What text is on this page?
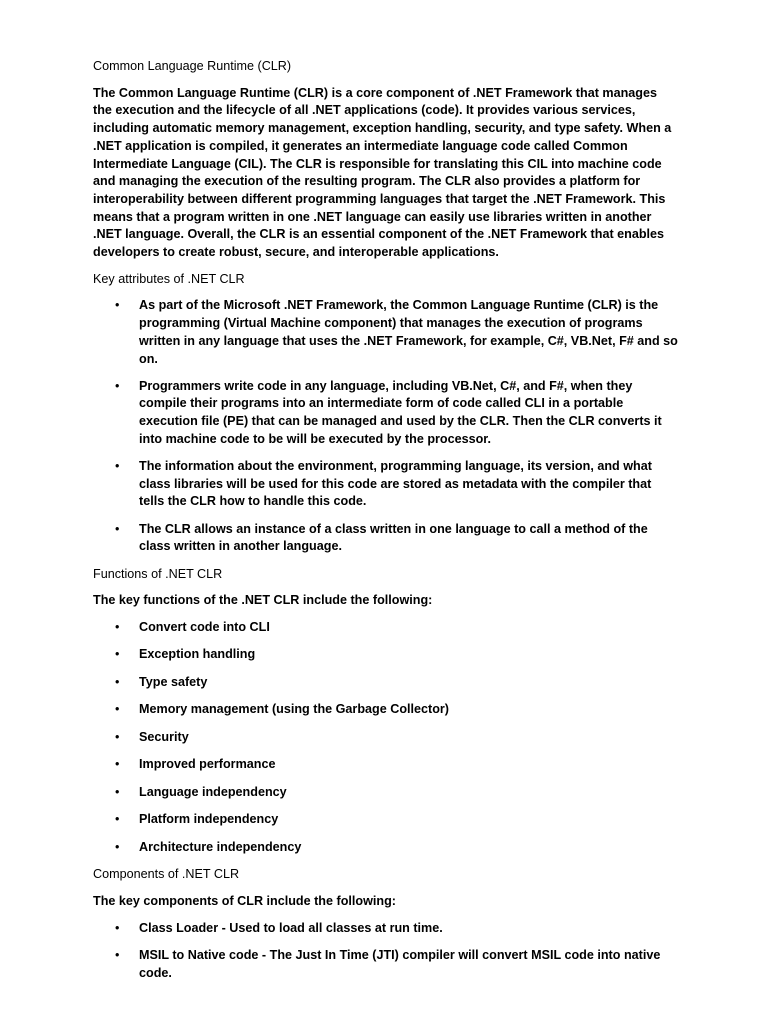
Common Language Runtime (CLR)

The Common Language Runtime (CLR) is a core component of .NET Framework that manages the execution and the lifecycle of all .NET applications (code). It provides various services, including automatic memory management, exception handling, security, and type safety. When a .NET application is compiled, it generates an intermediate language code called Common Intermediate Language (CIL). The CLR is responsible for translating this CIL into machine code and managing the execution of the resulting program. The CLR also provides a platform for interoperability between different programming languages that target the .NET Framework. This means that a program written in one .NET language can easily use libraries written in another .NET language. Overall, the CLR is an essential component of the .NET Framework that enables developers to create robust, secure, and interoperable applications.

Key attributes of .NET CLR

• As part of the Microsoft .NET Framework, the Common Language Runtime (CLR) is the programming (Virtual Machine component) that manages the execution of programs written in any language that uses the .NET Framework, for example, C#, VB.Net, F# and so on.
• Programmers write code in any language, including VB.Net, C#, and F#, when they compile their programs into an intermediate form of code called CLI in a portable execution file (PE) that can be managed and used by the CLR. Then the CLR converts it into machine code to be will be executed by the processor.
• The information about the environment, programming language, its version, and what class libraries will be used for this code are stored as metadata with the compiler that tells the CLR how to handle this code.
• The CLR allows an instance of a class written in one language to call a method of the class written in another language.

Functions of .NET CLR

The key functions of the .NET CLR include the following:

• Convert code into CLI
• Exception handling
• Type safety
• Memory management (using the Garbage Collector)
• Security
• Improved performance
• Language independency
• Platform independency
• Architecture independency

Components of .NET CLR

The key components of CLR include the following:

• Class Loader - Used to load all classes at run time.
• MSIL to Native code - The Just In Time (JTI) compiler will convert MSIL code into native code.
